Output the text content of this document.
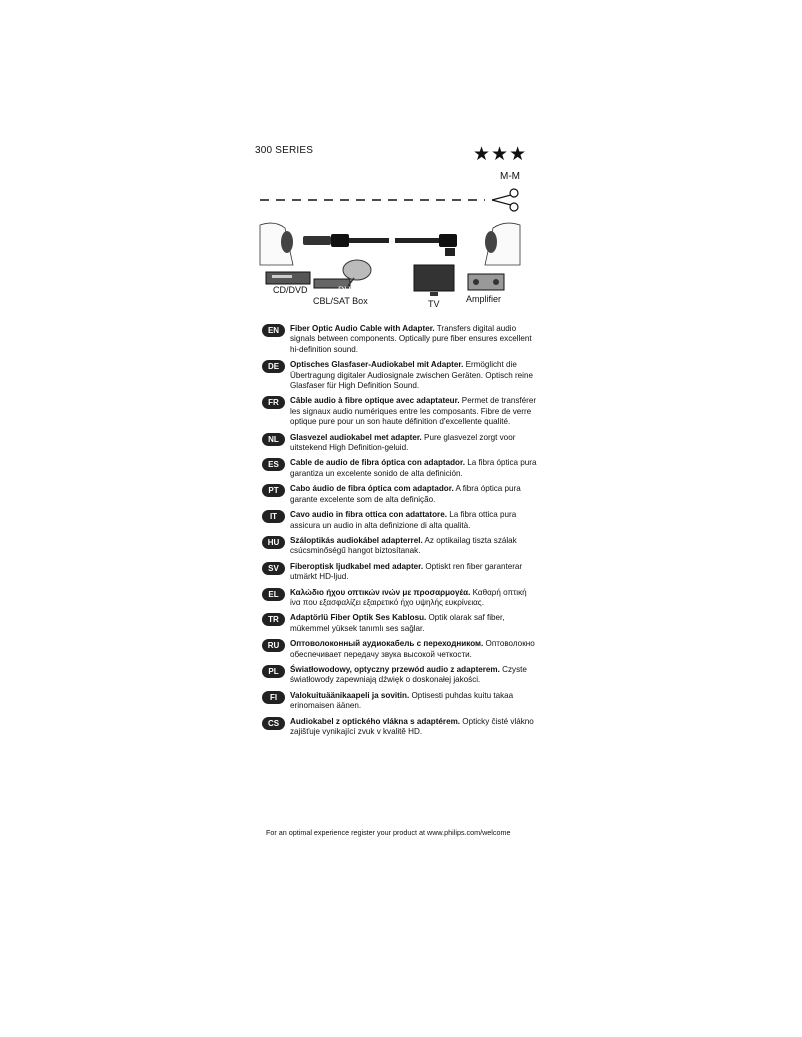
300 SERIES	★★★
M-M
CD/DVD	DVD
CBL/SAT Box	TV	Amplifier
EN	Fiber Optic Audio Cable with Adapter. Transfers digital audio signals between components. Optically pure fiber ensures excellent hi-definition sound.
DE	Optisches Glasfaser-Audiokabel mit Adapter. Ermöglicht die Übertragung digitaler Audiosignale zwischen Geräten. Optisch reine Glasfaser für High Definition Sound.
FR	Câble audio à fibre optique avec adaptateur. Permet de transférer les signaux audio numériques entre les composants. Fibre de verre optique pure pour un son haute définition d'excellente qualité.
NL	Glasvezel audiokabel met adapter. Pure glasvezel zorgt voor uitstekend High Definition-geluid.
ES	Cable de audio de fibra óptica con adaptador. La fibra óptica pura garantiza un excelente sonido de alta definición.
PT	Cabo áudio de fibra óptica com adaptador. A fibra óptica pura garante excelente som de alta definição.
IT	Cavo audio in fibra ottica con adattatore. La fibra ottica pura assicura un audio in alta definizione di alta qualità.
HU	Száloptikás audiokábel adapterrel. Az optikailag tiszta szálak csúcsminőségű hangot biztosítanak.
SV	Fiberoptisk ljudkabel med adapter. Optiskt ren fiber garanterar utmärkt HD-ljud.
EL	Καλώδιο ήχου οπτικών ινών με προσαρμογέα. Καθαρή οπτική ίνα που εξασφαλίζει εξαιρετικό ήχο υψηλής ευκρίνειας.
TR	Adaptörlü Fiber Optik Ses Kablosu. Optik olarak saf fiber, mükemmel yüksek tanımlı ses sağlar.
RU	Оптоволоконный аудиокабель с переходником. Оптоволокно обеспечивает передачу звука высокой четкости.
PL	Światłowodowy, optyczny przewód audio z adapterem. Czyste światłowody zapewniają dźwięk o doskonałej jakości.
FI	Valokuituäänikaapeli ja sovitin. Optisesti puhdas kuitu takaa erinomaisen äänen.
CS	Audiokabel z optického vlákna s adaptérem. Opticky čisté vlákno zajišťuje vynikající zvuk v kvalitě HD.
For an optimal experience register your product at www.philips.com/welcome
